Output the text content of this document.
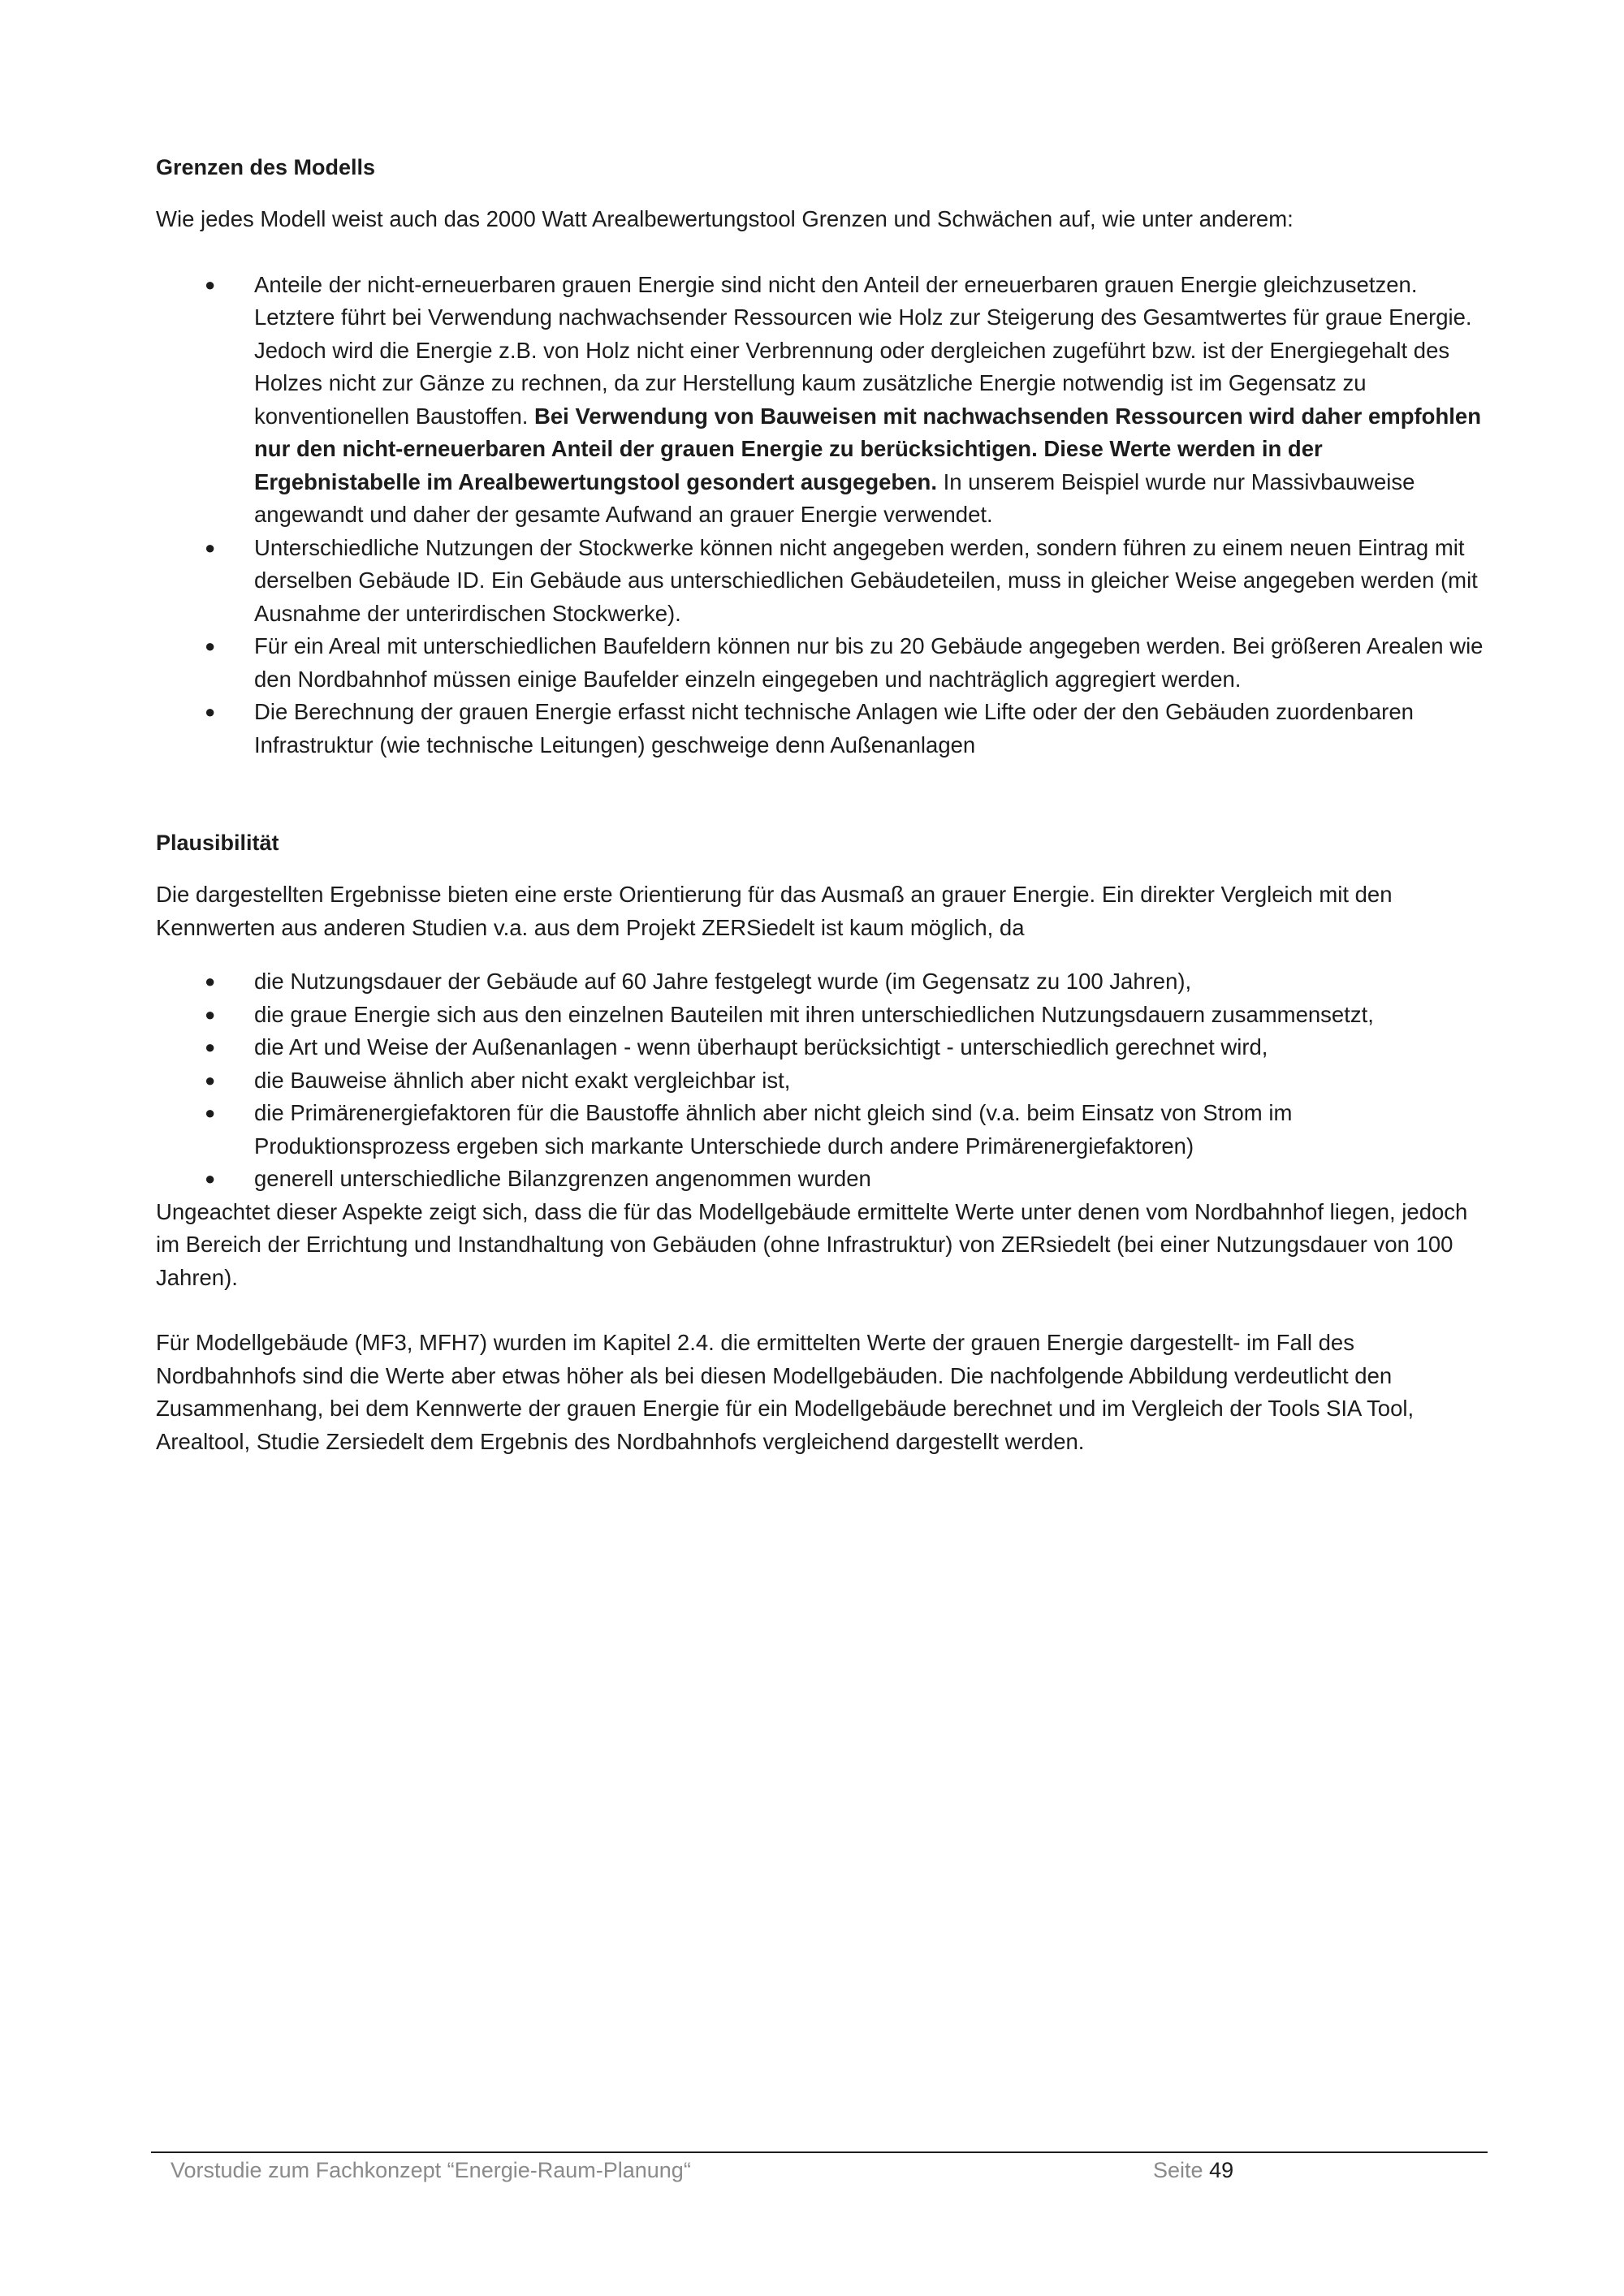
Grenzen des Modells

Wie jedes Modell weist auch das 2000 Watt Arealbewertungstool Grenzen und Schwächen auf, wie unter anderem:

● Anteile der nicht-erneuerbaren grauen Energie sind nicht den Anteil der erneuerbaren grauen Energie gleichzusetzen. Letztere führt bei Verwendung nachwachsender Ressourcen wie Holz zur Steigerung des Gesamtwertes für graue Energie. Jedoch wird die Energie z.B. von Holz nicht einer Verbrennung oder dergleichen zugeführt bzw. ist der Energiegehalt des Holzes nicht zur Gänze zu rechnen, da zur Herstellung kaum zusätzliche Energie notwendig ist im Gegensatz zu konventionellen Baustoffen. Bei Verwendung von Bauweisen mit nachwachsenden Ressourcen wird daher empfohlen nur den nicht-erneuerbaren Anteil der grauen Energie zu berücksichtigen. Diese Werte werden in der Ergebnistabelle im Arealbewertungstool gesondert ausgegeben. In unserem Beispiel wurde nur Massivbauweise angewandt und daher der gesamte Aufwand an grauer Energie verwendet.
● Unterschiedliche Nutzungen der Stockwerke können nicht angegeben werden, sondern führen zu einem neuen Eintrag mit derselben Gebäude ID. Ein Gebäude aus unterschiedlichen Gebäudeteilen, muss in gleicher Weise angegeben werden (mit Ausnahme der unterirdischen Stockwerke).
● Für ein Areal mit unterschiedlichen Baufeldern können nur bis zu 20 Gebäude angegeben werden. Bei größeren Arealen wie den Nordbahnhof müssen einige Baufelder einzeln eingegeben und nachträglich aggregiert werden.
● Die Berechnung der grauen Energie erfasst nicht technische Anlagen wie Lifte oder der den Gebäuden zuordenbaren Infrastruktur (wie technische Leitungen) geschweige denn Außenanlagen

Plausibilität

Die dargestellten Ergebnisse bieten eine erste Orientierung für das Ausmaß an grauer Energie. Ein direkter Vergleich mit den Kennwerten aus anderen Studien v.a. aus dem Projekt ZERSiedelt ist kaum möglich, da

● die Nutzungsdauer der Gebäude auf 60 Jahre festgelegt wurde (im Gegensatz zu 100 Jahren),
● die graue Energie sich aus den einzelnen Bauteilen mit ihren unterschiedlichen Nutzungsdauern zusammensetzt,
● die Art und Weise der Außenanlagen - wenn überhaupt berücksichtigt - unterschiedlich gerechnet wird,
● die Bauweise ähnlich aber nicht exakt vergleichbar ist,
● die Primärenergiefaktoren für die Baustoffe ähnlich aber nicht gleich sind (v.a. beim Einsatz von Strom im Produktionsprozess ergeben sich markante Unterschiede durch andere Primärenergiefaktoren)
● generell unterschiedliche Bilanzgrenzen angenommen wurden

Ungeachtet dieser Aspekte zeigt sich, dass die für das Modellgebäude ermittelte Werte unter denen vom Nordbahnhof liegen, jedoch im Bereich der Errichtung und Instandhaltung von Gebäuden (ohne Infrastruktur) von ZERsiedelt (bei einer Nutzungsdauer von 100 Jahren).

Für Modellgebäude (MF3, MFH7) wurden im Kapitel 2.4. die ermittelten Werte der grauen Energie dargestellt- im Fall des Nordbahnhofs sind die Werte aber etwas höher als bei diesen Modellgebäuden. Die nachfolgende Abbildung verdeutlicht den Zusammenhang, bei dem Kennwerte der grauen Energie für ein Modellgebäude berechnet und im Vergleich der Tools SIA Tool, Arealtool, Studie Zersiedelt dem Ergebnis des Nordbahnhofs vergleichend dargestellt werden.

Vorstudie zum Fachkonzept “Energie-Raum-Planung“	Seite 49
